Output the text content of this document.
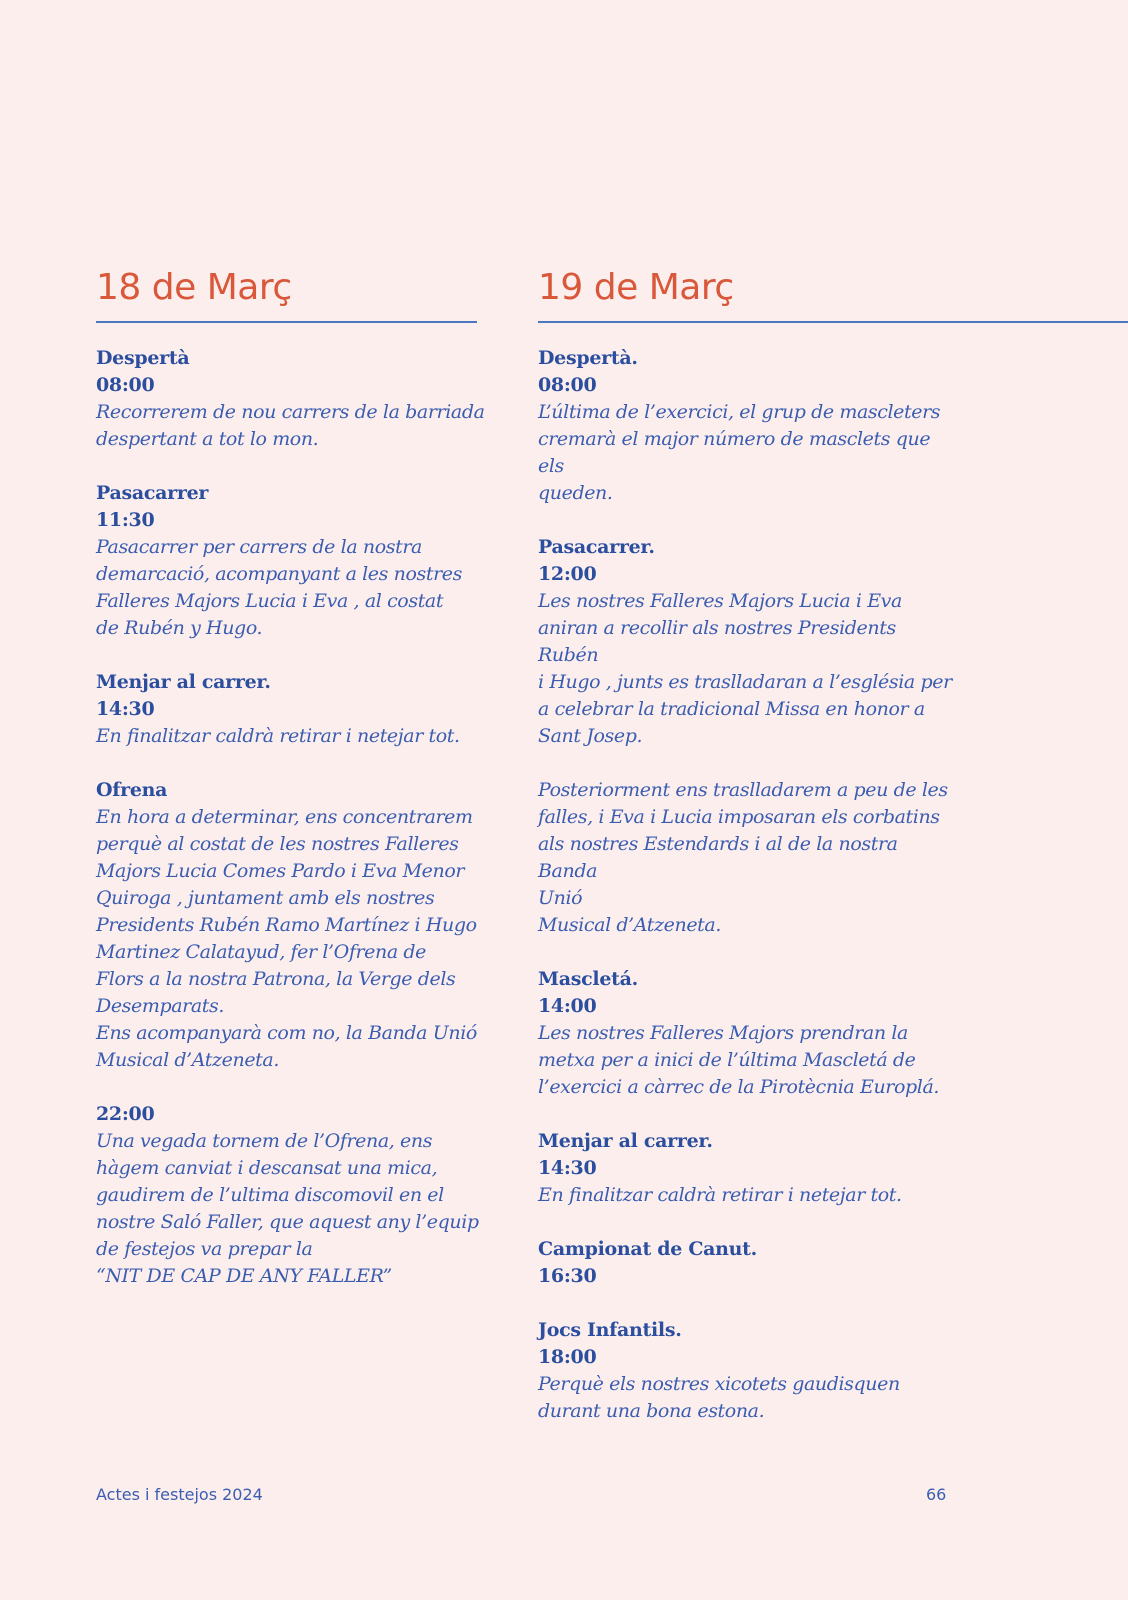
18 de Març
Despertà
08:00
Recorrerem de nou carrers de la barriada
despertant a tot lo mon.
Pasacarrer
11:30
Pasacarrer per carrers de la nostra
demarcació, acompanyant a les nostres
Falleres Majors Lucia i Eva , al costat
de Rubén y Hugo.
Menjar al carrer.
14:30
En finalitzar caldrà retirar i netejar tot.
Ofrena
En hora a determinar, ens concentrarem
perquè al costat de les nostres Falleres
Majors Lucia Comes Pardo i Eva Menor
Quiroga , juntament amb els nostres
Presidents Rubén Ramo Martínez i Hugo
Martinez Calatayud, fer l’Ofrena de
Flors a la nostra Patrona, la Verge dels
Desemparats.
Ens acompanyarà com no, la Banda Unió
Musical d’Atzeneta.
22:00
Una vegada tornem de l’Ofrena, ens
hàgem canviat i descansat una mica,
gaudirem de l’ultima discomovil en el
nostre Saló Faller, que aquest any l’equip
de festejos va prepar la
“NIT DE CAP DE ANY FALLER”
19 de Març
Despertà.
08:00
L’última de l’exercici, el grup de mascleters
cremarà el major número de masclets que els
queden.
Pasacarrer.
12:00
Les nostres Falleres Majors Lucia i Eva
aniran a recollir als nostres Presidents Rubén
i Hugo , junts es traslladaran a l’església per
a celebrar la tradicional Missa en honor a
Sant Josep.

Posteriorment ens traslladarem a peu de les
falles, i Eva i Lucia imposaran els corbatins
als nostres Estendards i al de la nostra Banda
Unió
Musical d’Atzeneta.
Mascletá.
14:00
Les nostres Falleres Majors prendran la
metxa per a inici de l’última Mascletá de
l’exercici a càrrec de la Pirotècnia Europlá.
Menjar al carrer.
14:30
En finalitzar caldrà retirar i netejar tot.
Campionat de Canut.
16:30
Jocs Infantils.
18:00
Perquè els nostres xicotets gaudisquen
durant una bona estona.
Actes i festejos 2024	66
